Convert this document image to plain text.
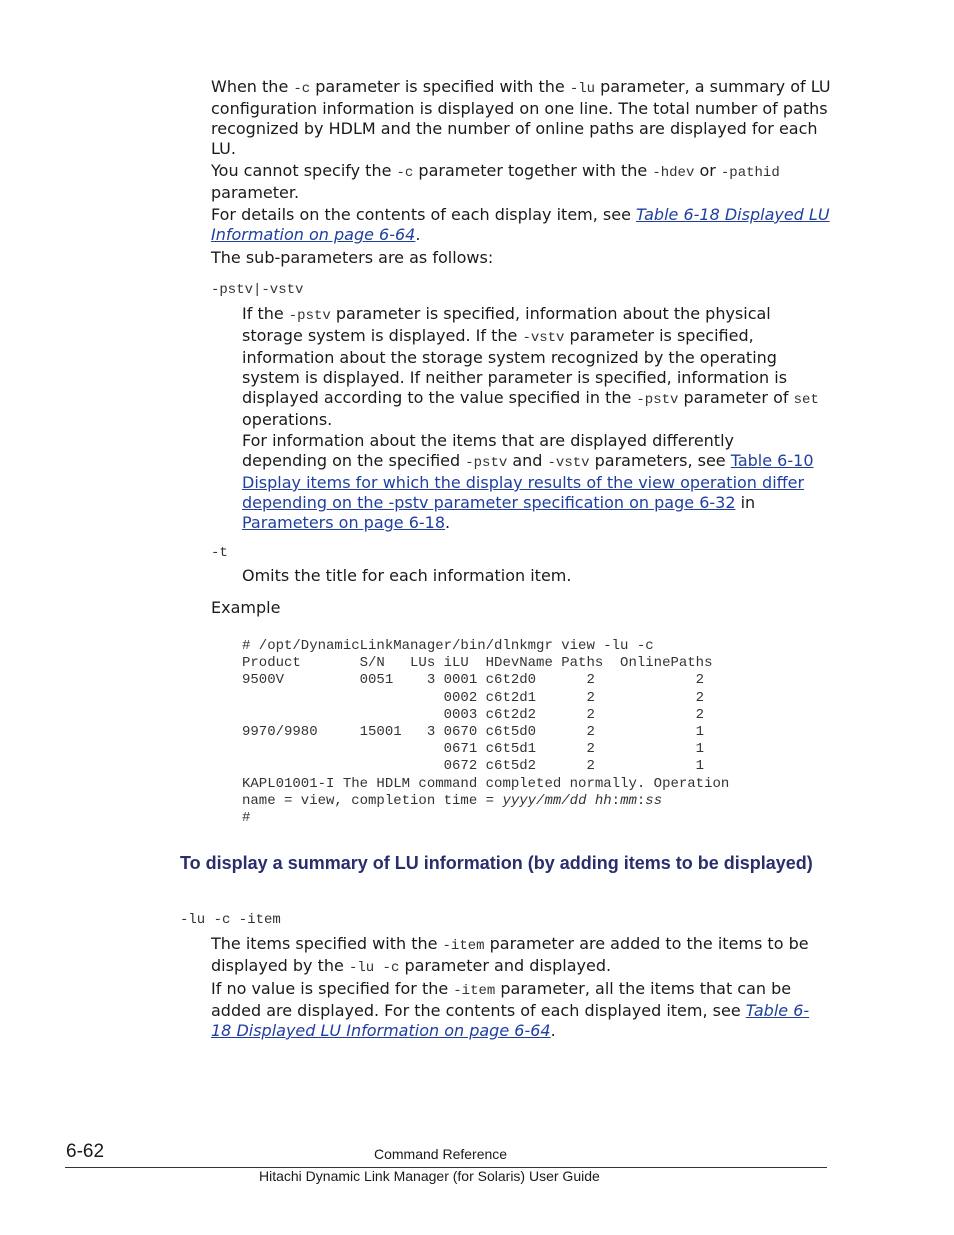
When the -c parameter is specified with the -lu parameter, a summary of LU configuration information is displayed on one line. The total number of paths recognized by HDLM and the number of online paths are displayed for each LU.

You cannot specify the -c parameter together with the -hdev or -pathid parameter.

For details on the contents of each display item, see Table 6-18 Displayed LU Information on page 6-64.

The sub-parameters are as follows:

-pstv|-vstv

If the -pstv parameter is specified, information about the physical storage system is displayed. If the -vstv parameter is specified, information about the storage system recognized by the operating system is displayed. If neither parameter is specified, information is displayed according to the value specified in the -pstv parameter of set operations.

For information about the items that are displayed differently depending on the specified -pstv and -vstv parameters, see Table 6-10 Display items for which the display results of the view operation differ depending on the -pstv parameter specification on page 6-32 in Parameters on page 6-18.

-t

Omits the title for each information item.

Example

# /opt/DynamicLinkManager/bin/dlnkmgr view -lu -c
Product       S/N   LUs iLU  HDevName Paths  OnlinePaths
9500V         0051    3 0001 c6t2d0      2            2
0002 c6t2d1      2            2
0003 c6t2d2      2            2
9970/9980     15001   3 0670 c6t5d0      2            1
0671 c6t5d1      2            1
0672 c6t5d2      2            1
KAPL01001-I The HDLM command completed normally. Operation
name = view, completion time = yyyy/mm/dd hh:mm:ss
#
To display a summary of LU information (by adding items to be displayed)
-lu -c -item

The items specified with the -item parameter are added to the items to be displayed by the -lu -c parameter and displayed.

If no value is specified for the -item parameter, all the items that can be added are displayed. For the contents of each displayed item, see Table 6-18 Displayed LU Information on page 6-64.

6-62	Command Reference
Hitachi Dynamic Link Manager (for Solaris) User Guide
